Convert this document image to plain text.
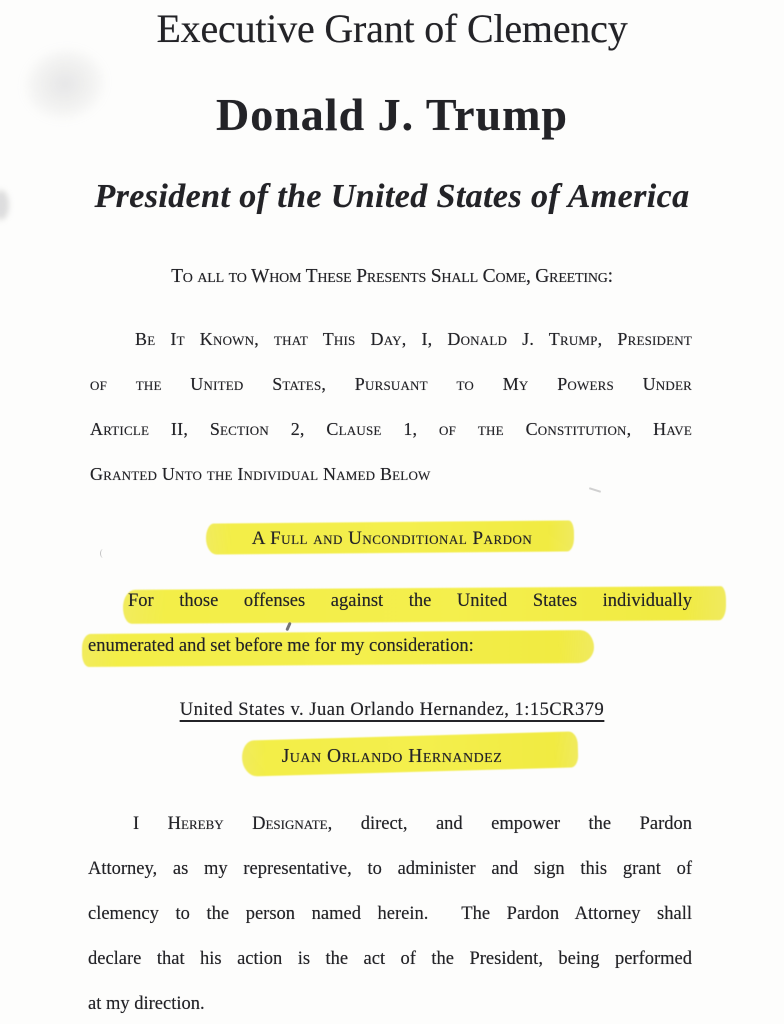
Executive Grant of Clemency
Donald J. Trump
President of the United States of America
To all to Whom These Presents Shall Come, Greeting:
Be It Known, that This Day, I, Donald J. Trump, President
of the United States, Pursuant to My Powers Under
Article II, Section 2, Clause 1, of the Constitution, Have
Granted Unto the Individual Named Below
A Full and Unconditional Pardon
For those offenses against the United States individually
enumerated and set before me for my consideration:
United States v. Juan Orlando Hernandez, 1:15CR379
Juan Orlando Hernandez
I Hereby Designate, direct, and empower the Pardon
Attorney, as my representative, to administer and sign this grant of
clemency to the person named herein.  The Pardon Attorney shall
declare that his action is the act of the President, being performed
at my direction.
